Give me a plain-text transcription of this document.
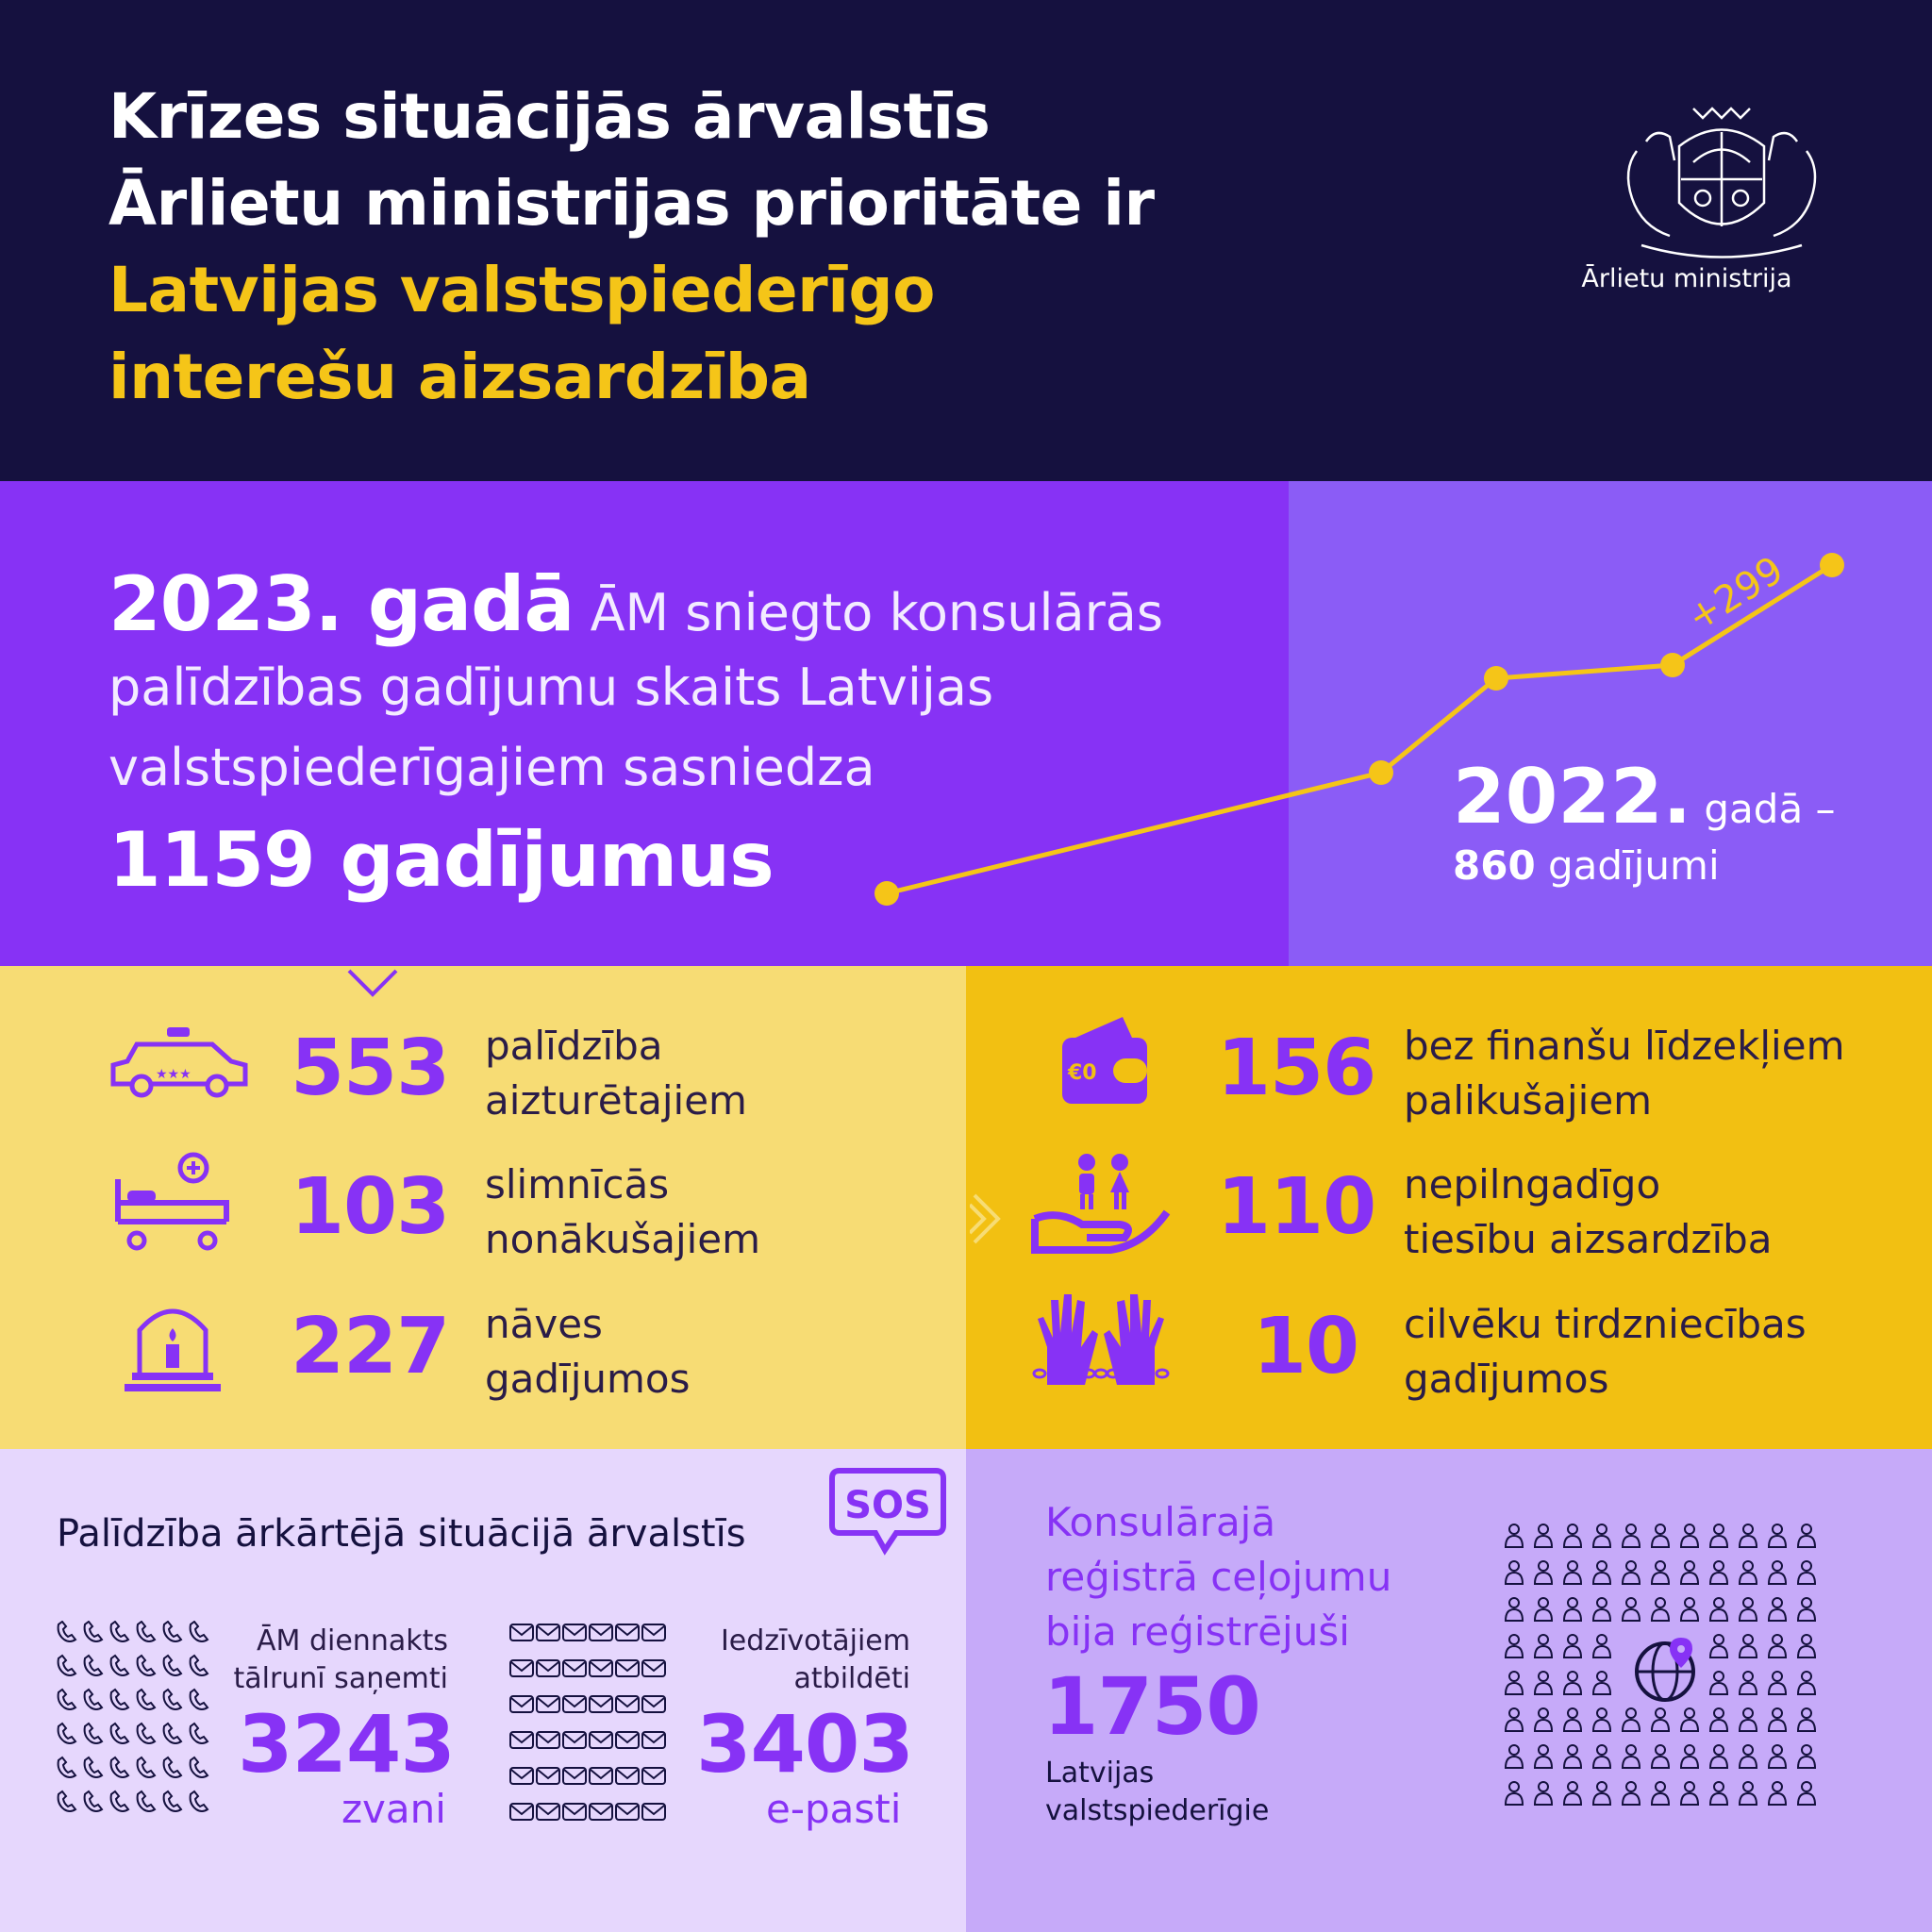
Krīzes situācijās ārvalstīs
Ārlietu ministrijas prioritāte ir
Latvijas valstspiederīgo
interešu aizsardzība
Ārlietu ministrija
+299
2023. gadā ĀM sniegto konsulārās
palīdzības gadījumu skaits Latvijas
valstspiederīgajiem sasniedza
1159 gadījumus
2022. gadā –
860 gadījumi
★★★ 553 palīdzība
aizturētajiem
103 slimnīcās
nonākušajiem
227 nāves
gadījumos
€0 156 bez finanšu līdzekļiem
palikušajiem
110 nepilngadīgo
tiesību aizsardzība
10 cilvēku tirdzniecības
gadījumos
Palīdzība ārkārtējā situācijā ārvalstīs
SOS
ĀM diennakts
tālrunī saņemti
3243
zvani
Iedzīvotājiem
atbildēti
3403
e-pasti
Konsulārajā
reģistrā ceļojumu
bija reģistrējuši
1750
Latvijas
valstspiederīgie
